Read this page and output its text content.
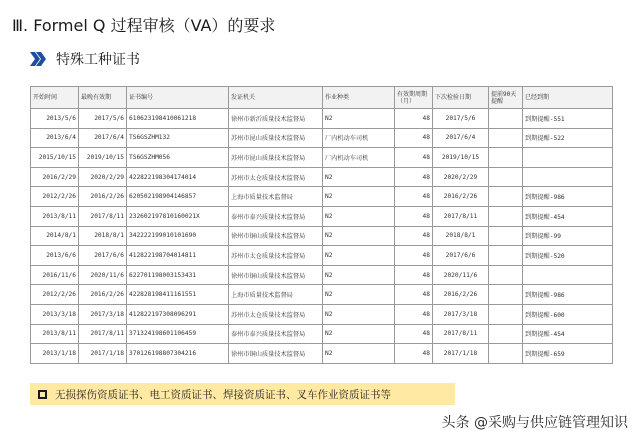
Ⅲ. Formel Q 过程审核（VA）的要求
特殊工种证书
开始时间	最晚有效期	证书编号	发证机关	作业种类	有效期周期（月）	下次检验日期	提前90天提醒	已经到期
2013/5/6	2017/5/6	610623198410061218	徐州市新沂质量技术监督局	N2	48	2017/5/6		到期提醒-551
2013/6/4	2017/6/4	TS6GSZHM132	苏州市昆山质量技术监督局	厂内机动车司机	48	2017/6/4		到期提醒-522
2015/10/15	2019/10/15	TS6GSZHM056	苏州市昆山质量技术监督局	厂内机动车司机	48	2019/10/15		
2016/2/29	2020/2/29	422822198304174014	苏州市太仓质量技术监督局	N2	48	2020/2/29		
2012/2/26	2016/2/26	620502198904146857	上海市质量技术监督局	N2	48	2016/2/26		到期提醒-986
2013/8/11	2017/8/11	232602197810160021X	泰州市泰兴质量技术监督局	N2	48	2017/8/11		到期提醒-454
2014/8/1	2018/8/1	342222199010101690	徐州市铜山质量技术监督局	N2	48	2018/8/1		到期提醒-99
2013/6/6	2017/6/6	412822198704014811	苏州市太仓质量技术监督局	N2	48	2017/6/6		到期提醒-520
2016/11/6	2020/11/6	622701198003153431	徐州市铜山质量技术监督局	N2	48	2020/11/6		
2012/2/26	2016/2/26	422828198411161551	上海市质量技术监督局	N2	48	2016/2/26		到期提醒-986
2013/3/18	2017/3/18	412822197308096291	苏州市太仓质量技术监督局	N2	48	2017/3/18		到期提醒-600
2013/8/11	2017/8/11	371324198601106459	泰州市泰兴质量技术监督局	N2	48	2017/8/11		到期提醒-454
2013/1/18	2017/1/18	370126198807304216	徐州市铜山质量技术监督局	N2	48	2017/1/18		到期提醒-659
无损探伤资质证书、电工资质证书、焊接资质证书、叉车作业资质证书等
头条 @采购与供应链管理知识
